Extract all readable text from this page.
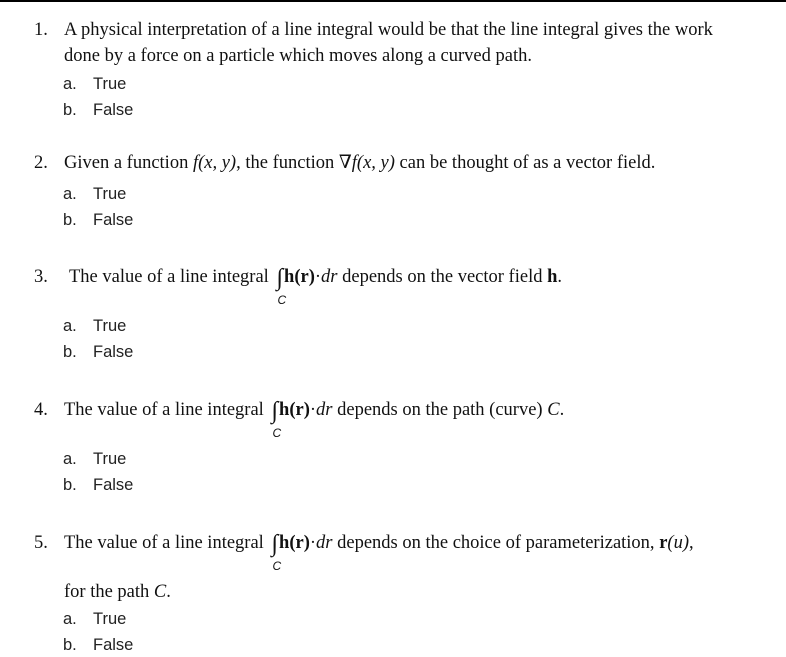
1. A physical interpretation of a line integral would be that the line integral gives the work
done by a force on a particle which moves along a curved path.
a. True
b. False
2. Given a function f(x, y), the function ∇f(x, y) can be thought of as a vector field.
a. True
b. False
3.	The value of a line integral ∫
C
h(r)·dr depends on the vector field h.
a. True
b. False
4. The value of a line integral ∫
C
h(r)·dr depends on the path (curve) C.
a. True
b. False
5. The value of a line integral ∫
C
h(r)·dr depends on the choice of parameterization, r(u),
for the path C.
a. True
b. False
